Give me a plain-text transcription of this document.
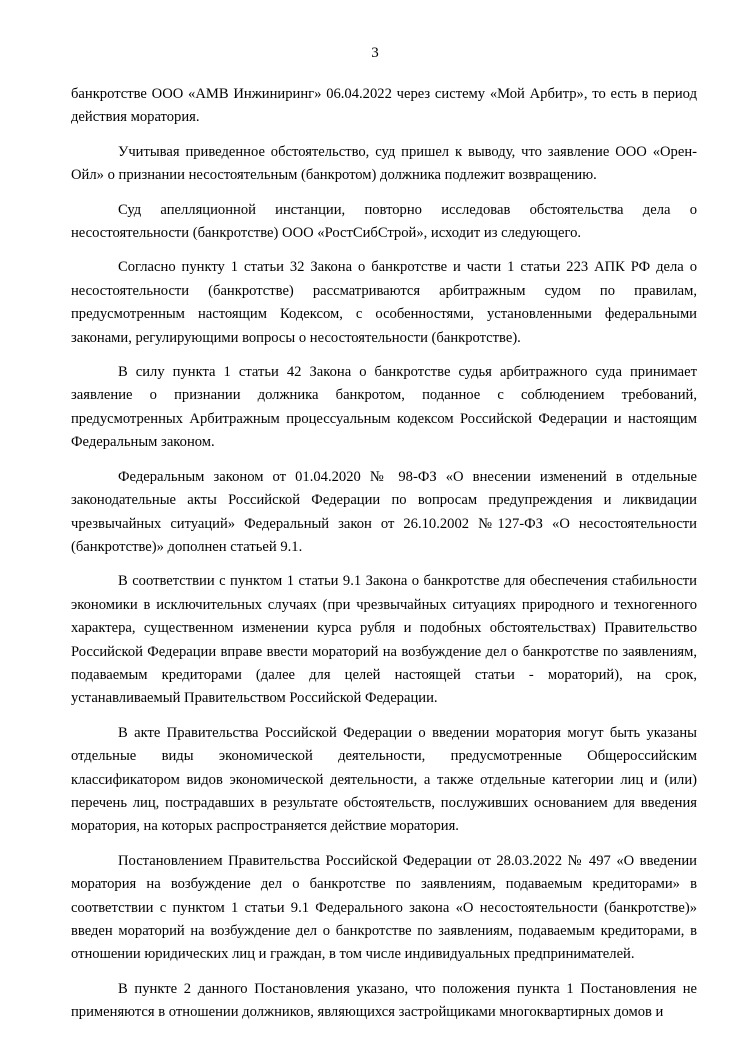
3

банкротстве ООО «АМВ Инжиниринг» 06.04.2022 через систему «Мой Арбитр», то есть в период действия моратория.

Учитывая приведенное обстоятельство, суд пришел к выводу, что заявление ООО «Орен-Ойл» о признании несостоятельным (банкротом) должника подлежит возвращению.

Суд апелляционной инстанции, повторно исследовав обстоятельства дела о несостоятельности (банкротстве) ООО «РостСибСтрой», исходит из следующего.

Согласно пункту 1 статьи 32 Закона о банкротстве и части 1 статьи 223 АПК РФ дела о несостоятельности (банкротстве) рассматриваются арбитражным судом по правилам, предусмотренным настоящим Кодексом, с особенностями, установленными федеральными законами, регулирующими вопросы о несостоятельности (банкротстве).

В силу пункта 1 статьи 42 Закона о банкротстве судья арбитражного суда принимает заявление о признании должника банкротом, поданное с соблюдением требований, предусмотренных Арбитражным процессуальным кодексом Российской Федерации и настоящим Федеральным законом.

Федеральным законом от 01.04.2020 № 98-ФЗ «О внесении изменений в отдельные законодательные акты Российской Федерации по вопросам предупреждения и ликвидации чрезвычайных ситуаций» Федеральный закон от 26.10.2002 №127-ФЗ «О несостоятельности (банкротстве)» дополнен статьей 9.1.

В соответствии с пунктом 1 статьи 9.1 Закона о банкротстве для обеспечения стабильности экономики в исключительных случаях (при чрезвычайных ситуациях природного и техногенного характера, существенном изменении курса рубля и подобных обстоятельствах) Правительство Российской Федерации вправе ввести мораторий на возбуждение дел о банкротстве по заявлениям, подаваемым кредиторами (далее для целей настоящей статьи - мораторий), на срок, устанавливаемый Правительством Российской Федерации.

В акте Правительства Российской Федерации о введении моратория могут быть указаны отдельные виды экономической деятельности, предусмотренные Общероссийским классификатором видов экономической деятельности, а также отдельные категории лиц и (или) перечень лиц, пострадавших в результате обстоятельств, послуживших основанием для введения моратория, на которых распространяется действие моратория.

Постановлением Правительства Российской Федерации от 28.03.2022 № 497 «О введении моратория на возбуждение дел о банкротстве по заявлениям, подаваемым кредиторами» в соответствии с пунктом 1 статьи 9.1 Федерального закона «О несостоятельности (банкротстве)» введен мораторий на возбуждение дел о банкротстве по заявлениям, подаваемым кредиторами, в отношении юридических лиц и граждан, в том числе индивидуальных предпринимателей.

В пункте 2 данного Постановления указано, что положения пункта 1 Постановления не применяются в отношении должников, являющихся застройщиками многоквартирных домов и
